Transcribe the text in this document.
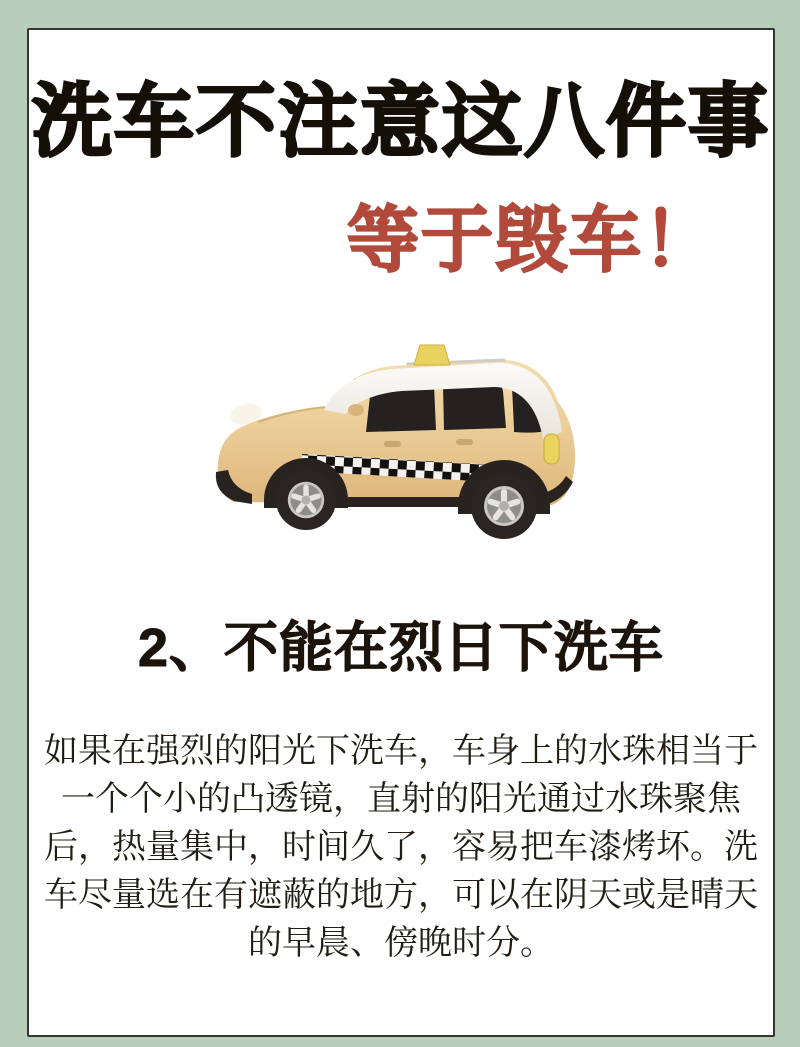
洗车不注意这八件事
等于毁车！
2、不能在烈日下洗车
如果在强烈的阳光下洗车，车身上的水珠相当于
一个个小的凸透镜，直射的阳光通过水珠聚焦
后，热量集中，时间久了，容易把车漆烤坏。洗
车尽量选在有遮蔽的地方，可以在阴天或是晴天
的早晨、傍晚时分。
